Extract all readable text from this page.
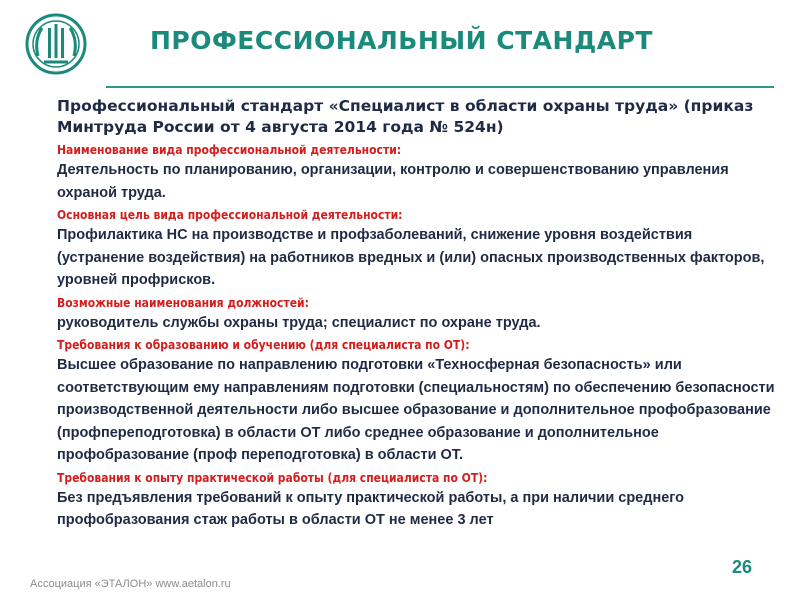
ПРОФЕССИОНАЛЬНЫЙ СТАНДАРТ

Профессиональный стандарт «Специалист в области охраны труда» (приказ Минтруда России от 4 августа 2014 года № 524н)

Наименование вида профессиональной деятельности:

Деятельность по планированию, организации, контролю и совершенствованию управления охраной труда.

Основная цель вида профессиональной деятельности:

Профилактика НС на производстве и профзаболеваний, снижение уровня воздействия (устранение воздействия) на работников вредных и (или) опасных производственных факторов, уровней профрисков.

Возможные наименования должностей:

руководитель службы охраны труда; специалист по охране труда.

Требования к образованию и обучению (для специалиста по ОТ):

Высшее образование по направлению подготовки «Техносферная безопасность» или соответствующим ему направлениям подготовки (специальностям) по обеспечению безопасности производственной деятельности либо высшее образование и дополнительное профобразование (профпереподготовка) в области ОТ либо среднее образование и дополнительное профобразование (проф переподготовка) в области ОТ.

Требования к опыту практической работы (для специалиста по ОТ):

Без предъявления требований к опыту практической работы, а при наличии среднего профобразования стаж работы в области ОТ не менее 3 лет

Ассоциация «ЭТАЛОН» www.aetalon.ru
26
